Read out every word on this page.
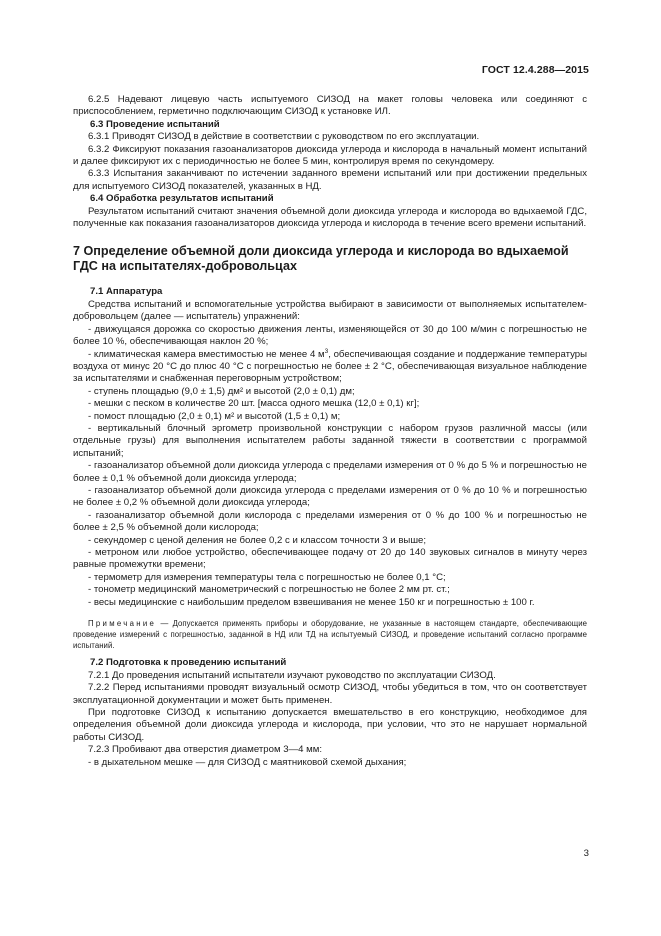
ГОСТ 12.4.288—2015

6.2.5 Надевают лицевую часть испытуемого СИЗОД на макет головы человека или соединяют с приспособлением, герметично подключающим СИЗОД к установке ИЛ.

6.3 Проведение испытаний

6.3.1 Приводят СИЗОД в действие в соответствии с руководством по его эксплуатации.

6.3.2 Фиксируют показания газоанализаторов диоксида углерода и кислорода в начальный момент испытаний и далее фиксируют их с периодичностью не более 5 мин, контролируя время по секундомеру.

6.3.3 Испытания заканчивают по истечении заданного времени испытаний или при достижении предельных для испытуемого СИЗОД показателей, указанных в НД.

6.4 Обработка результатов испытаний

Результатом испытаний считают значения объемной доли диоксида углерода и кислорода во вдыхаемой ГДС, полученные как показания газоанализаторов диоксида углерода и кислорода в течение всего времени испытаний.

7 Определение объемной доли диоксида углерода и кислорода во вдыхаемой ГДС на испытателях-добровольцах

7.1 Аппаратура

Средства испытаний и вспомогательные устройства выбирают в зависимости от выполняемых испытателем-добровольцем (далее — испытатель) упражнений:

- движущаяся дорожка со скоростью движения ленты, изменяющейся от 30 до 100 м/мин с погрешностью не более 10 %, обеспечивающая наклон 20 %;

- климатическая камера вместимостью не менее 4 $м^3$, обеспечивающая создание и поддержание температуры воздуха от минус 20 °С до плюс 40 °С с погрешностью не более ± 2 °С, обеспечивающая визуальное наблюдение за испытателями и снабженная переговорным устройством;

- ступень площадью (9,0 ± 1,5) дм² и высотой (2,0 ± 0,1) дм;

- мешки с песком в количестве 20 шт. [масса одного мешка (12,0 ± 0,1) кг];

- помост площадью (2,0 ± 0,1) м² и высотой (1,5 ± 0,1) м;

- вертикальный блочный эргометр произвольной конструкции с набором грузов различной массы (или отдельные грузы) для выполнения испытателем работы заданной тяжести в соответствии с программой испытаний;

- газоанализатор объемной доли диоксида углерода с пределами измерения от 0 % до 5 % и погрешностью не более ± 0,1 % объемной доли диоксида углерода;

- газоанализатор объемной доли диоксида углерода с пределами измерения от 0 % до 10 % и погрешностью не более ± 0,2 % объемной доли диоксида углерода;

- газоанализатор объемной доли кислорода с пределами измерения от 0 % до 100 % и погрешностью не более ± 2,5 % объемной доли кислорода;

- секундомер с ценой деления не более 0,2 с и классом точности 3 и выше;

- метроном или любое устройство, обеспечивающее подачу от 20 до 140 звуковых сигналов в минуту через равные промежутки времени;

- термометр для измерения температуры тела с погрешностью не более 0,1 °С;

- тонометр медицинский манометрический с погрешностью не более 2 мм рт. ст.;

- весы медицинские с наибольшим пределом взвешивания не менее 150 кг и погрешностью ± 100 г.

Примечание — Допускается применять приборы и оборудование, не указанные в настоящем стандарте, обеспечивающие проведение измерений с погрешностью, заданной в НД или ТД на испытуемый СИЗОД, и проведение испытаний согласно программе испытаний.

7.2 Подготовка к проведению испытаний

7.2.1 До проведения испытаний испытатели изучают руководство по эксплуатации СИЗОД.

7.2.2 Перед испытаниями проводят визуальный осмотр СИЗОД, чтобы убедиться в том, что он соответствует эксплуатационной документации и может быть применен.

При подготовке СИЗОД к испытанию допускается вмешательство в его конструкцию, необходимое для определения объемной доли диоксида углерода и кислорода, при условии, что это не нарушает нормальной работы СИЗОД.

7.2.3 Пробивают два отверстия диаметром 3—4 мм:

- в дыхательном мешке — для СИЗОД с маятниковой схемой дыхания;

3
